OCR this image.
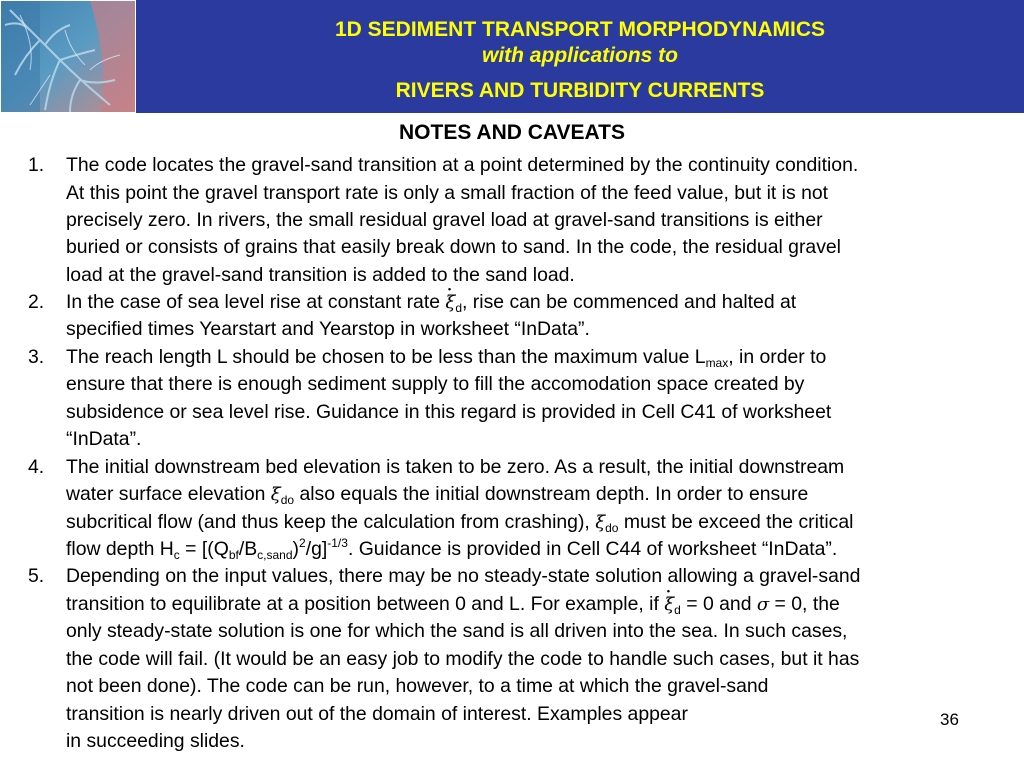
1D SEDIMENT TRANSPORT MORPHODYNAMICS
with applications to
RIVERS AND TURBIDITY CURRENTS
NOTES AND CAVEATS
1. The code locates the gravel-sand transition at a point determined by the continuity condition.
At this point the gravel transport rate is only a small fraction of the feed value, but it is not
precisely zero. In rivers, the small residual gravel load at gravel-sand transitions is either
buried or consists of grains that easily break down to sand. In the code, the residual gravel
load at the gravel-sand transition is added to the sand load.
2. In the case of sea level rise at constant rate · $\xi_d$, rise can be commenced and halted at
specified times Yearstart and Yearstop in worksheet “InData”.
3. The reach length L should be chosen to be less than the maximum value $L_{max}$, in order to
ensure that there is enough sediment supply to fill the accomodation space created by
subsidence or sea level rise. Guidance in this regard is provided in Cell C41 of worksheet
“InData”.
4. The initial downstream bed elevation is taken to be zero. As a result, the initial downstream
water surface elevation $\xi_{do}$ also equals the initial downstream depth. In order to ensure
subcritical flow (and thus keep the calculation from crashing), $\xi_{do}$ must be exceed the critical
flow depth $H_c = [(Q_{bf}/B_{c,sand})^2/g]^{-1/3}$. Guidance is provided in Cell C44 of worksheet “InData”.
5. Depending on the input values, there may be no steady-state solution allowing a gravel-sand
transition to equilibrate at a position between 0 and L. For example, if · $\xi_d = 0$ and σ = 0, the
only steady-state solution is one for which the sand is all driven into the sea. In such cases,
the code will fail. (It would be an easy job to modify the code to handle such cases, but it has
not been done). The code can be run, however, to a time at which the gravel-sand
transition is nearly driven out of the domain of interest. Examples appear
in succeeding slides.
36
